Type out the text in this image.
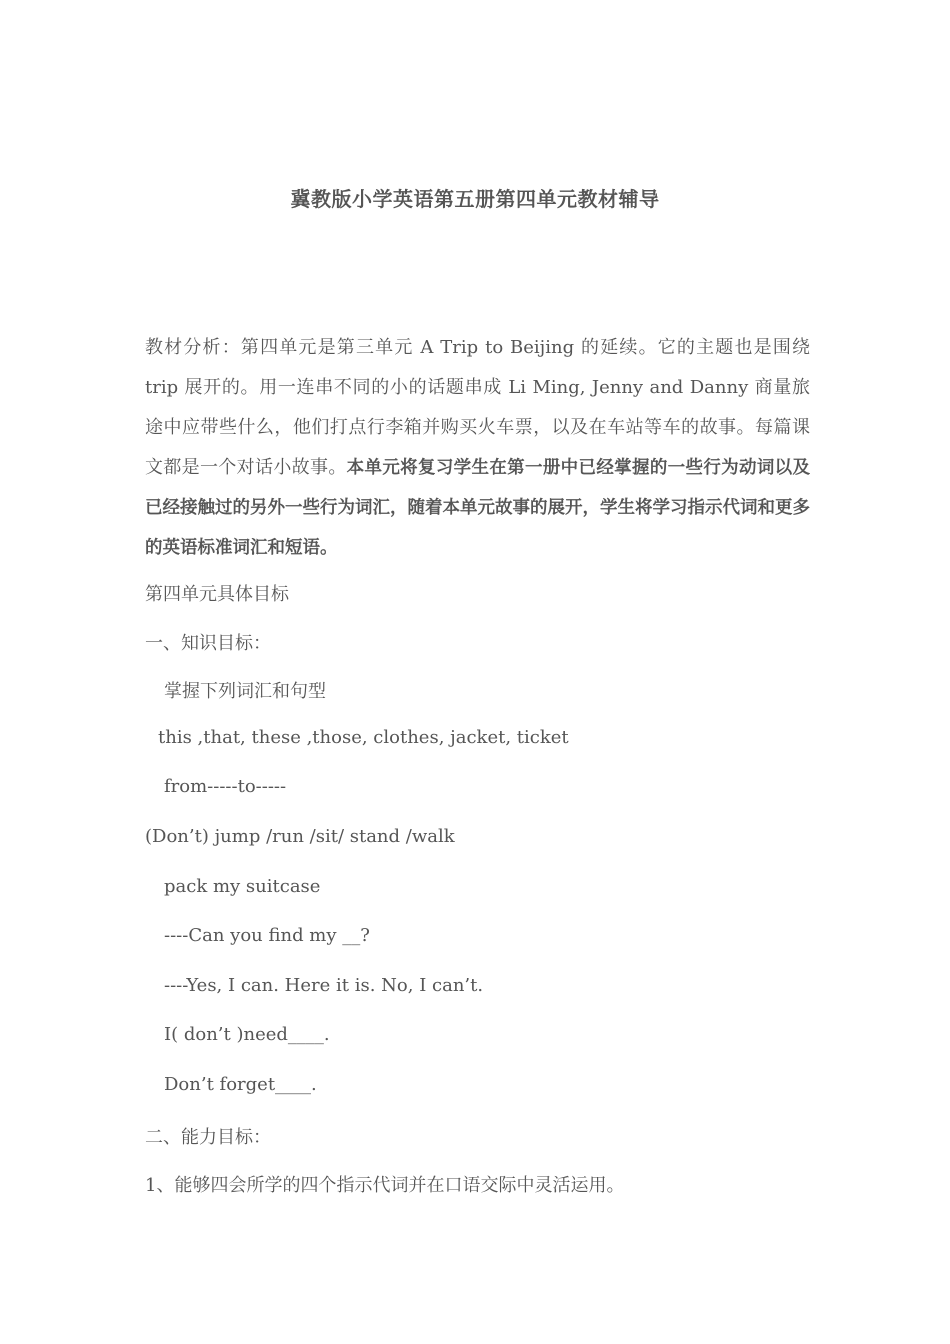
冀教版小学英语第五册第四单元教材辅导
教材分析：第四单元是第三单元 A Trip to Beijing 的延续。它的主题也是围绕 trip 展开的。用一连串不同的小的话题串成 Li Ming, Jenny and Danny 商量旅途中应带些什么，他们打点行李箱并购买火车票，以及在车站等车的故事。每篇课文都是一个对话小故事。本单元将复习学生在第一册中已经掌握的一些行为动词以及已经接触过的另外一些行为词汇，随着本单元故事的展开，学生将学习指示代词和更多的英语标准词汇和短语。
第四单元具体目标
一、知识目标：
掌握下列词汇和句型
this ,that, these ,those, clothes, jacket, ticket
from-----to-----
(Don’t) jump /run /sit/ stand /walk
pack my suitcase
----Can you find my __?
----Yes, I can. Here it is. No, I can’t.
I( don’t )need____.
Don’t forget____.
二、能力目标：
1、能够四会所学的四个指示代词并在口语交际中灵活运用。
